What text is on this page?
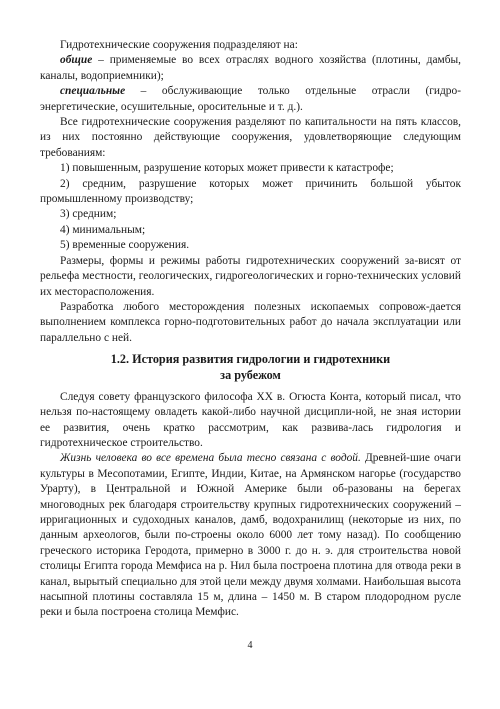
Гидротехнические сооружения подразделяют на:

общие – применяемые во всех отраслях водного хозяйства (плотины, дамбы, каналы, водоприемники);

специальные – обслуживающие только отдельные отрасли (гидро-энергетические, осушительные, оросительные и т. д.).

Все гидротехнические сооружения разделяют по капитальности на пять классов, из них постоянно действующие сооружения, удовлетворяющие следующим требованиям:

1) повышенным, разрушение которых может привести к катастрофе;

2) средним, разрушение которых может причинить большой убыток промышленному производству;

3) средним;

4) минимальным;

5) временные сооружения.

Размеры, формы и режимы работы гидротехнических сооружений за-висят от рельефа местности, геологических, гидрогеологических и горно-технических условий их месторасположения.

Разработка любого месторождения полезных ископаемых сопровож-дается выполнением комплекса горно-подготовительных работ до начала эксплуатации или параллельно с ней.

1.2. История развития гидрологии и гидротехники

за рубежом

Следуя совету французского философа XX в. Огюста Конта, который писал, что нельзя по-настоящему овладеть какой-либо научной дисципли-ной, не зная истории ее развития, очень кратко рассмотрим, как развива-лась гидрология и гидротехническое строительство.

Жизнь человека во все времена была тесно связана с водой. Древней-шие очаги культуры в Месопотамии, Египте, Индии, Китае, на Армянском нагорье (государство Урарту), в Центральной и Южной Америке были об-разованы на берегах многоводных рек благодаря строительству крупных гидротехнических сооружений – ирригационных и судоходных каналов, дамб, водохранилищ (некоторые из них, по данным археологов, были по-строены около 6000 лет тому назад). По сообщению греческого историка Геродота, примерно в 3000 г. до н. э. для строительства новой столицы Египта города Мемфиса на р. Нил была построена плотина для отвода реки в канал, вырытый специально для этой цели между двумя холмами. Наибольшая высота насыпной плотины составляла 15 м, длина – 1450 м. В старом плодородном русле реки и была построена столица Мемфис.

4
